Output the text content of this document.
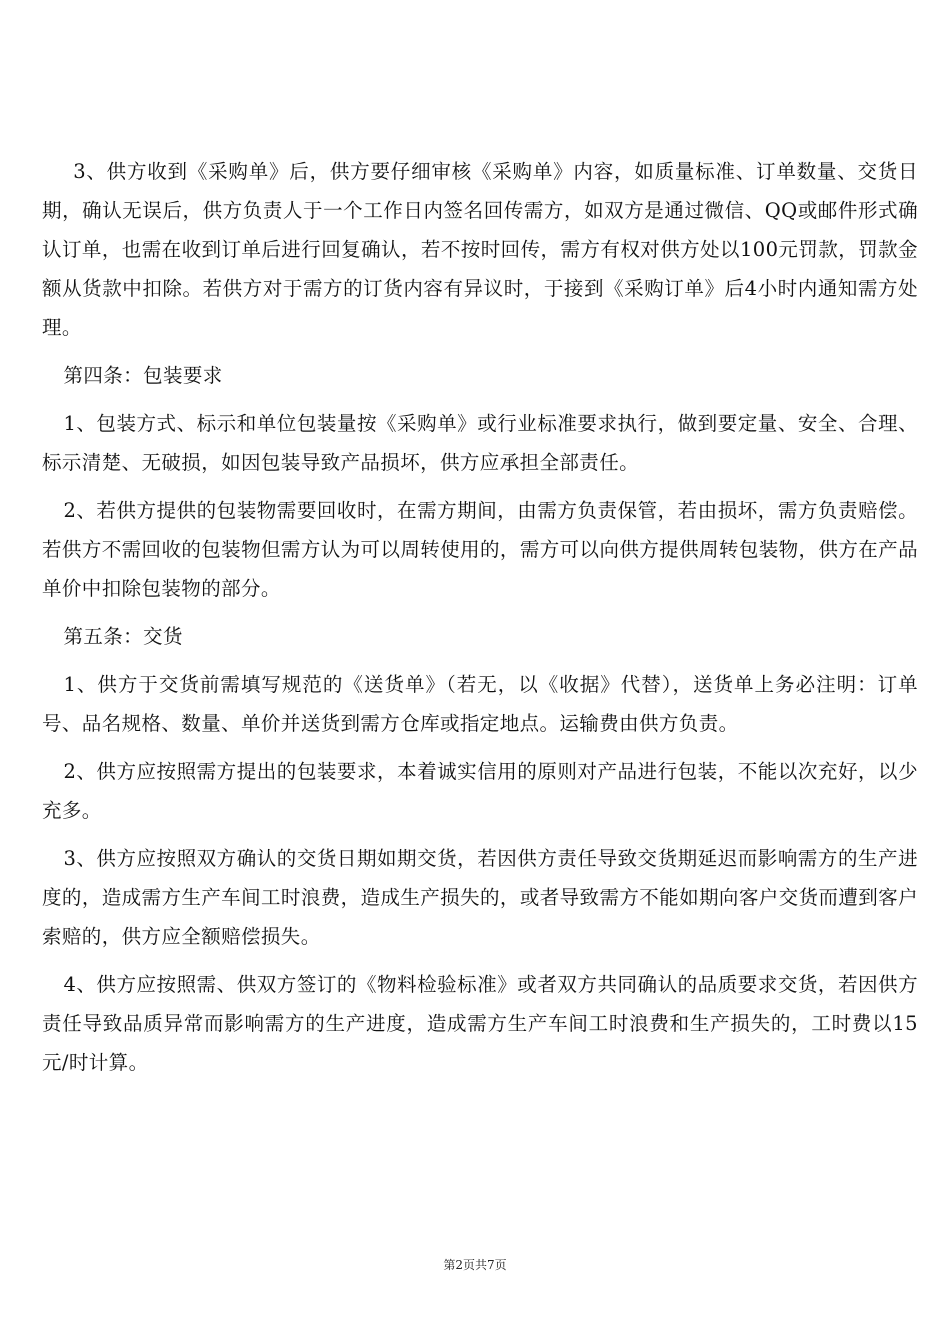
3、供方收到《采购单》后，供方要仔细审核《采购单》内容，如质量标准、订单数量、交货日期，确认无误后，供方负责人于一个工作日内签名回传需方，如双方是通过微信、QQ或邮件形式确认订单，也需在收到订单后进行回复确认，若不按时回传，需方有权对供方处以100元罚款，罚款金额从货款中扣除。若供方对于需方的订货内容有异议时，于接到《采购订单》后4小时内通知需方处理。

第四条：包装要求

1、包装方式、标示和单位包装量按《采购单》或行业标准要求执行，做到要定量、安全、合理、标示清楚、无破损，如因包装导致产品损坏，供方应承担全部责任。

2、若供方提供的包装物需要回收时，在需方期间，由需方负责保管，若由损坏，需方负责赔偿。若供方不需回收的包装物但需方认为可以周转使用的，需方可以向供方提供周转包装物，供方在产品单价中扣除包装物的部分。

第五条：交货

1、供方于交货前需填写规范的《送货单》（若无，以《收据》代替），送货单上务必注明：订单号、品名规格、数量、单价并送货到需方仓库或指定地点。运输费由供方负责。

2、供方应按照需方提出的包装要求，本着诚实信用的原则对产品进行包装，不能以次充好，以少充多。

3、供方应按照双方确认的交货日期如期交货，若因供方责任导致交货期延迟而影响需方的生产进度的，造成需方生产车间工时浪费，造成生产损失的，或者导致需方不能如期向客户交货而遭到客户索赔的，供方应全额赔偿损失。

4、供方应按照需、供双方签订的《物料检验标准》或者双方共同确认的品质要求交货，若因供方责任导致品质异常而影响需方的生产进度，造成需方生产车间工时浪费和生产损失的，工时费以15元/时计算。

第2页共7页
